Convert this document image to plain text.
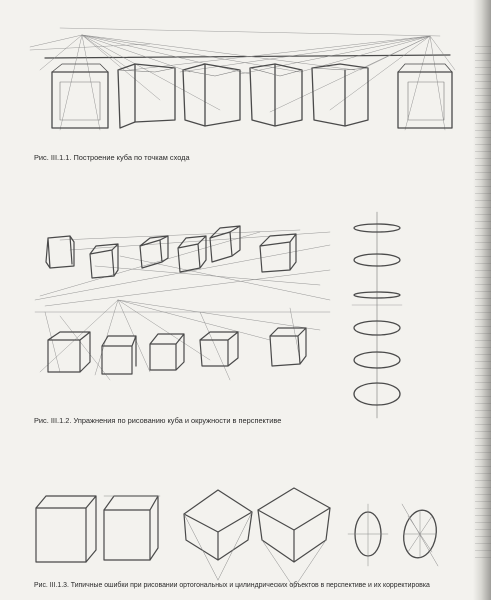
Рис. III.1.1. Построение куба по точкам схода
Рис. III.1.2. Упражнения по рисованию куба и окружности в перспективе
Рис. III.1.3. Типичные ошибки при рисовании ортогональных и цилиндрических объектов в перспективе и их корректировка
